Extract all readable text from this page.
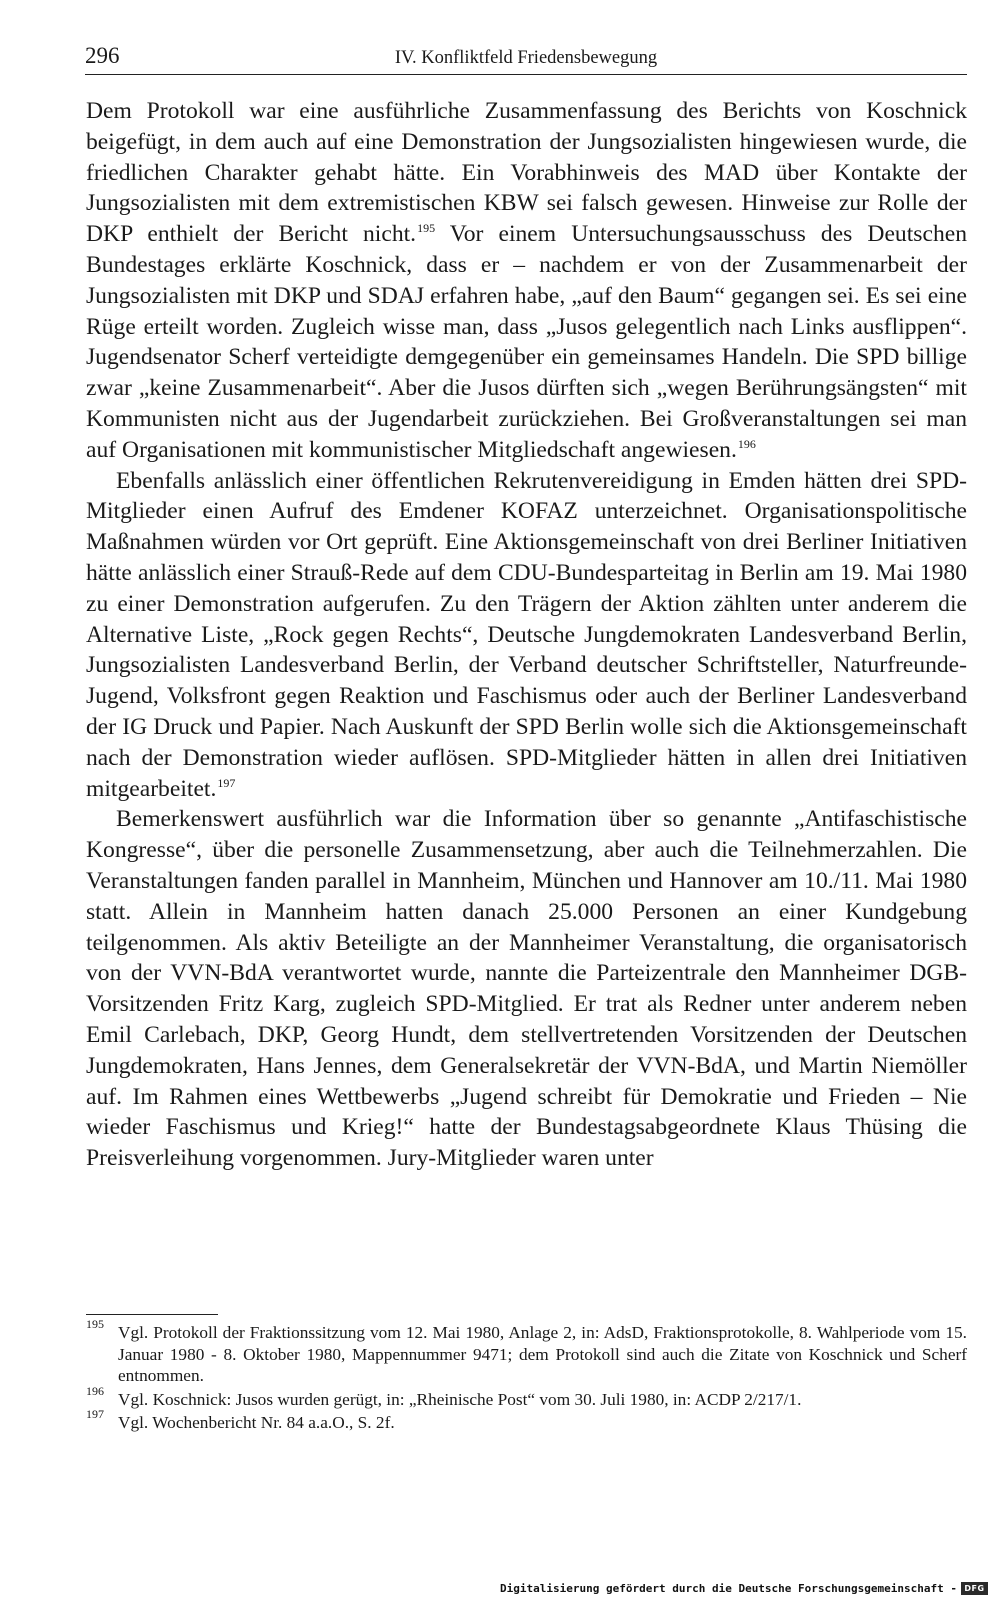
296	IV. Konfliktfeld Friedensbewegung

Dem Protokoll war eine ausführliche Zusammenfassung des Berichts von Koschnick beigefügt, in dem auch auf eine Demonstration der Jungsozialisten hingewiesen wurde, die friedlichen Charakter gehabt hätte. Ein Vorabhinweis des MAD über Kontakte der Jungsozialisten mit dem extremistischen KBW sei falsch gewesen. Hinweise zur Rolle der DKP enthielt der Bericht nicht.$^{195}$ Vor einem Untersuchungsausschuss des Deutschen Bundestages erklärte Koschnick, dass er – nachdem er von der Zusammenarbeit der Jungsozialisten mit DKP und SDAJ erfahren habe, „auf den Baum“ gegangen sei. Es sei eine Rüge erteilt worden. Zugleich wisse man, dass „Jusos gelegentlich nach Links ausflippen“. Jugendsenator Scherf verteidigte demgegenüber ein gemeinsames Handeln. Die SPD billige zwar „keine Zusammenarbeit“. Aber die Jusos dürften sich „wegen Berührungsängsten“ mit Kommunisten nicht aus der Jugendarbeit zurückziehen. Bei Großveranstaltungen sei man auf Organisationen mit kommunistischer Mitgliedschaft angewiesen.$^{196}$

Ebenfalls anlässlich einer öffentlichen Rekrutenvereidigung in Emden hätten drei SPD-Mitglieder einen Aufruf des Emdener KOFAZ unterzeichnet. Organisationspolitische Maßnahmen würden vor Ort geprüft. Eine Aktionsgemeinschaft von drei Berliner Initiativen hätte anlässlich einer Strauß-Rede auf dem CDU-Bundesparteitag in Berlin am 19. Mai 1980 zu einer Demonstration aufgerufen. Zu den Trägern der Aktion zählten unter anderem die Alternative Liste, „Rock gegen Rechts“, Deutsche Jungdemokraten Landesverband Berlin, Jungsozialisten Landesverband Berlin, der Verband deutscher Schriftsteller, Naturfreunde-Jugend, Volksfront gegen Reaktion und Faschismus oder auch der Berliner Landesverband der IG Druck und Papier. Nach Auskunft der SPD Berlin wolle sich die Aktionsgemeinschaft nach der Demonstration wieder auflösen. SPD-Mitglieder hätten in allen drei Initiativen mitgearbeitet.$^{197}$

Bemerkenswert ausführlich war die Information über so genannte „Antifaschistische Kongresse“, über die personelle Zusammensetzung, aber auch die Teilnehmerzahlen. Die Veranstaltungen fanden parallel in Mannheim, München und Hannover am 10./11. Mai 1980 statt. Allein in Mannheim hatten danach 25.000 Personen an einer Kundgebung teilgenommen. Als aktiv Beteiligte an der Mannheimer Veranstaltung, die organisatorisch von der VVN-BdA verantwortet wurde, nannte die Parteizentrale den Mannheimer DGB-Vorsitzenden Fritz Karg, zugleich SPD-Mitglied. Er trat als Redner unter anderem neben Emil Carlebach, DKP, Georg Hundt, dem stellvertretenden Vorsitzenden der Deutschen Jungdemokraten, Hans Jennes, dem Generalsekretär der VVN-BdA, und Martin Niemöller auf. Im Rahmen eines Wettbewerbs „Jugend schreibt für Demokratie und Frieden – Nie wieder Faschismus und Krieg!“ hatte der Bundestagsabgeordnete Klaus Thüsing die Preisverleihung vorgenommen. Jury-Mitglieder waren unter

195 Vgl. Protokoll der Fraktionssitzung vom 12. Mai 1980, Anlage 2, in: AdsD, Fraktionsprotokolle, 8. Wahlperiode vom 15. Januar 1980 - 8. Oktober 1980, Mappennummer 9471; dem Protokoll sind auch die Zitate von Koschnick und Scherf entnommen.
196 Vgl. Koschnick: Jusos wurden gerügt, in: „Rheinische Post“ vom 30. Juli 1980, in: ACDP 2/217/1.
197 Vgl. Wochenbericht Nr. 84 a.a.O., S. 2f.
Digitalisierung gefördert durch die Deutsche Forschungsgemeinschaft - DFG
